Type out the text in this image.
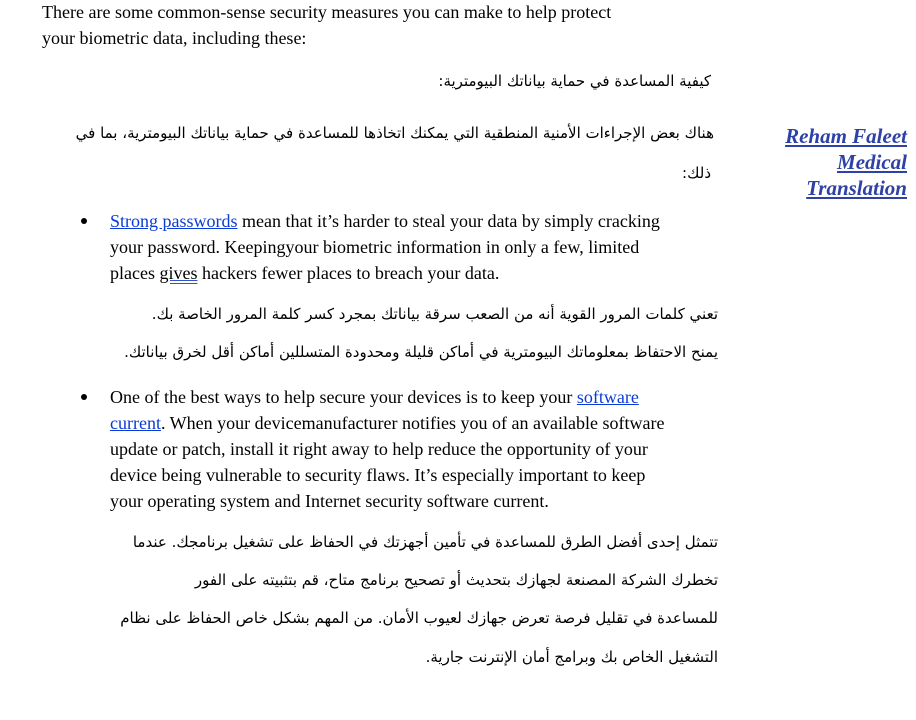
There are some common-sense security measures you can make to help protect
your biometric data, including these:
كيفية المساعدة في حماية بياناتك البيومترية:
هناك بعض الإجراءات الأمنية المنطقية التي يمكنك اتخاذها للمساعدة في حماية بياناتك البيومترية، بما في
ذلك:
Reham Faleet
Medical
Translation
Strong passwords mean that it’s harder to steal your data by simply cracking
your password. Keepingyour biometric information in only a few, limited
places gives hackers fewer places to breach your data.
تعني كلمات المرور القوية أنه من الصعب سرقة بياناتك بمجرد كسر كلمة المرور الخاصة بك.
يمنح الاحتفاظ بمعلوماتك البيومترية في أماكن قليلة ومحدودة المتسللين أماكن أقل لخرق بياناتك.
One of the best ways to help secure your devices is to keep your software
current. When your devicemanufacturer notifies you of an available software
update or patch, install it right away to help reduce the opportunity of your
device being vulnerable to security flaws. It’s especially important to keep
your operating system and Internet security software current.
تتمثل إحدى أفضل الطرق للمساعدة في تأمين أجهزتك في الحفاظ على تشغيل برنامجك. عندما
تخطرك الشركة المصنعة لجهازك بتحديث أو تصحيح برنامج متاح، قم بتثبيته على الفور
للمساعدة في تقليل فرصة تعرض جهازك لعيوب الأمان. من المهم بشكل خاص الحفاظ على نظام
التشغيل الخاص بك وبرامج أمان الإنترنت جارية.
